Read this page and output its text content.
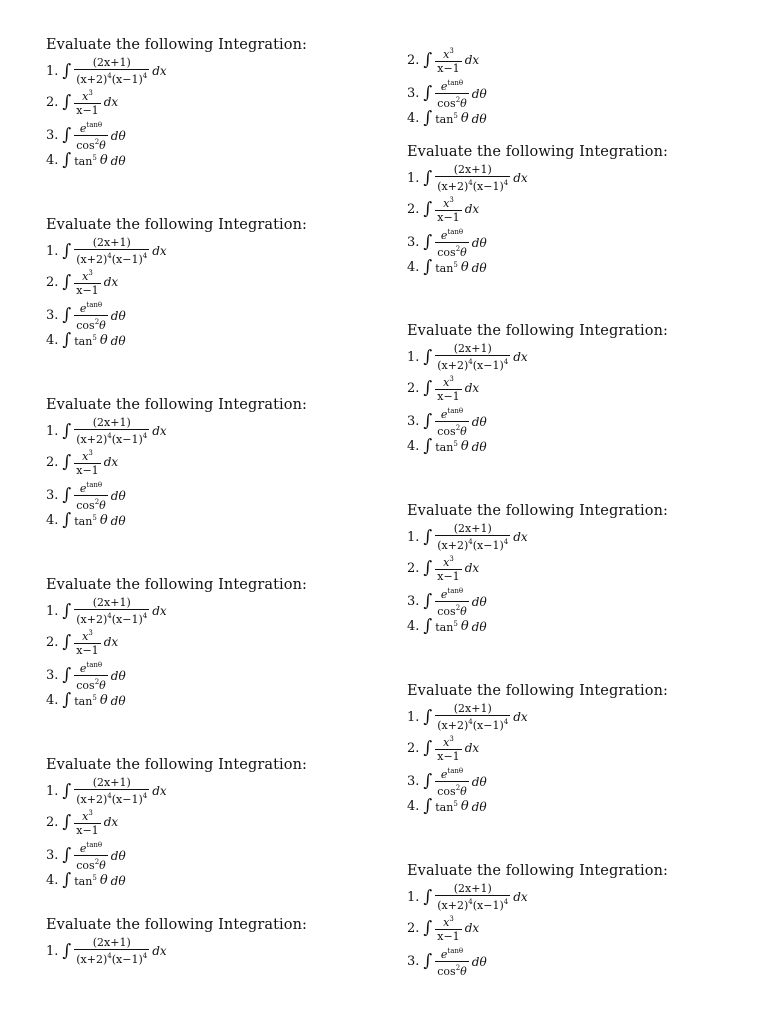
Evaluate the following Integration:
1. ∫ $\frac{(2x+1)}{(x+2)^4(x-1)^4}$ dx
2. ∫ $\frac{x^3}{x-1}$ dx
3. ∫ $\frac{e^{tan\theta}}{\cos^2\theta}$ dθ
4. ∫ $\tan^5 \theta$ dθ
Evaluate the following Integration:
1. ∫ $\frac{(2x+1)}{(x+2)^4(x-1)^4}$ dx
2. ∫ $\frac{x^3}{x-1}$ dx
3. ∫ $\frac{e^{tan\theta}}{\cos^2\theta}$ dθ
4. ∫ $\tan^5 \theta$ dθ
Evaluate the following Integration:
1. ∫ $\frac{(2x+1)}{(x+2)^4(x-1)^4}$ dx
2. ∫ $\frac{x^3}{x-1}$ dx
3. ∫ $\frac{e^{tan\theta}}{\cos^2\theta}$ dθ
4. ∫ $\tan^5 \theta$ dθ
Evaluate the following Integration:
1. ∫ $\frac{(2x+1)}{(x+2)^4(x-1)^4}$ dx
2. ∫ $\frac{x^3}{x-1}$ dx
3. ∫ $\frac{e^{tan\theta}}{\cos^2\theta}$ dθ
4. ∫ $\tan^5 \theta$ dθ
Evaluate the following Integration:
1. ∫ $\frac{(2x+1)}{(x+2)^4(x-1)^4}$ dx
2. ∫ $\frac{x^3}{x-1}$ dx
3. ∫ $\frac{e^{tan\theta}}{\cos^2\theta}$ dθ
4. ∫ $\tan^5 \theta$ dθ
Evaluate the following Integration:
1. ∫ $\frac{(2x+1)}{(x+2)^4(x-1)^4}$ dx
2. ∫ $\frac{x^3}{x-1}$ dx
3. ∫ $\frac{e^{tan\theta}}{\cos^2\theta}$ dθ
4. ∫ $\tan^5 \theta$ dθ
Evaluate the following Integration:
1. ∫ $\frac{(2x+1)}{(x+2)^4(x-1)^4}$ dx
2. ∫ $\frac{x^3}{x-1}$ dx
3. ∫ $\frac{e^{tan\theta}}{\cos^2\theta}$ dθ
4. ∫ $\tan^5 \theta$ dθ
Evaluate the following Integration:
1. ∫ $\frac{(2x+1)}{(x+2)^4(x-1)^4}$ dx
2. ∫ $\frac{x^3}{x-1}$ dx
3. ∫ $\frac{e^{tan\theta}}{\cos^2\theta}$ dθ
4. ∫ $\tan^5 \theta$ dθ
Evaluate the following Integration:
1. ∫ $\frac{(2x+1)}{(x+2)^4(x-1)^4}$ dx
2. ∫ $\frac{x^3}{x-1}$ dx
3. ∫ $\frac{e^{tan\theta}}{\cos^2\theta}$ dθ
4. ∫ $\tan^5 \theta$ dθ
Evaluate the following Integration:
1. ∫ $\frac{(2x+1)}{(x+2)^4(x-1)^4}$ dx
2. ∫ $\frac{x^3}{x-1}$ dx
3. ∫ $\frac{e^{tan\theta}}{\cos^2\theta}$ dθ
4. ∫ $\tan^5 \theta$ dθ
Evaluate the following Integration:
1. ∫ $\frac{(2x+1)}{(x+2)^4(x-1)^4}$ dx
2. ∫ $\frac{x^3}{x-1}$ dx
3. ∫ $\frac{e^{tan\theta}}{\cos^2\theta}$ dθ
